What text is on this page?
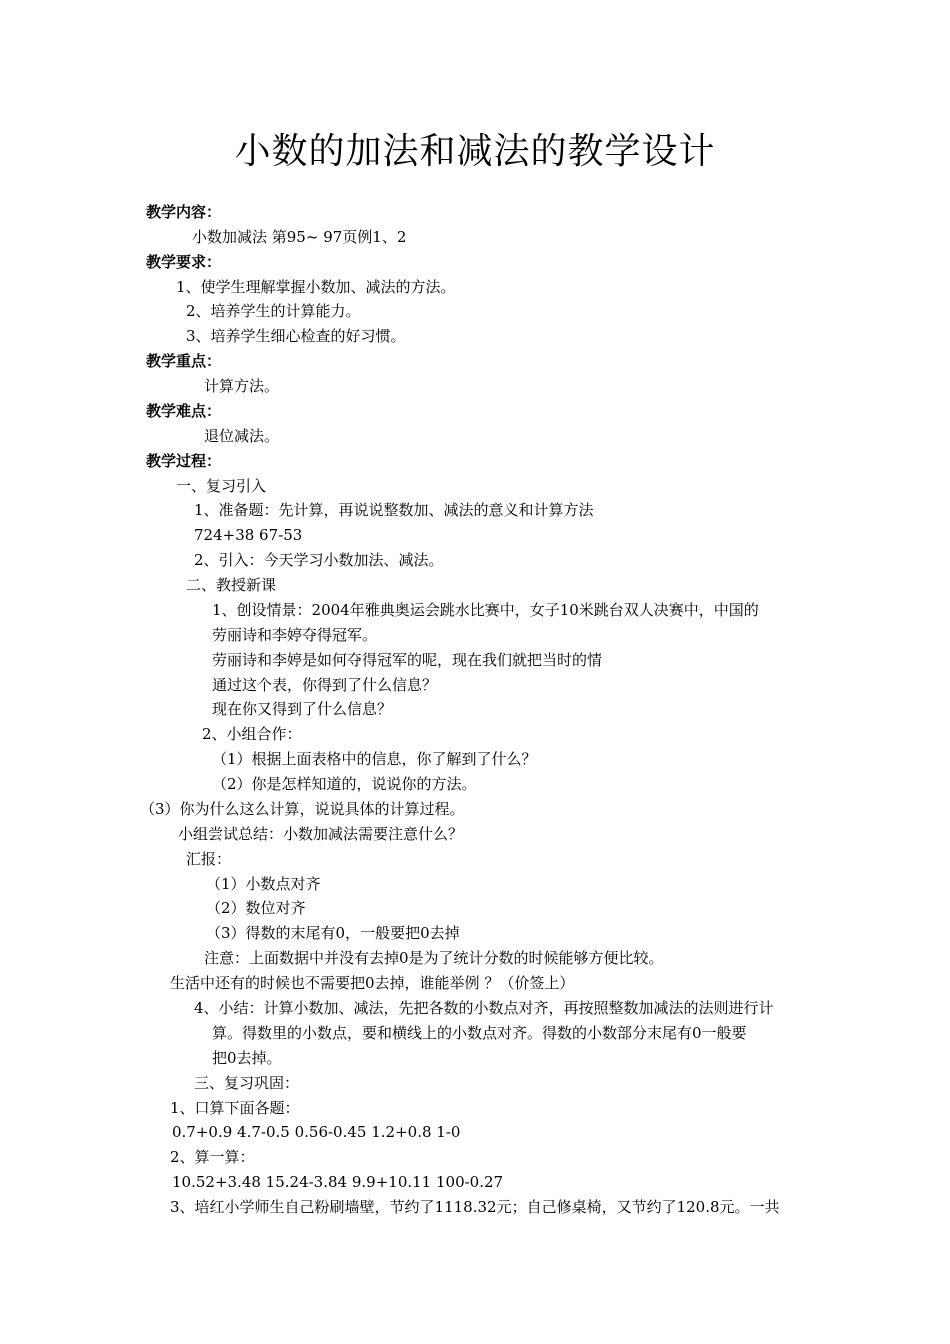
小数的加法和减法的教学设计
教学内容：
小数加减法 第95~ 97页例1、2
教学要求：
1、使学生理解掌握小数加、减法的方法。
2、培养学生的计算能力。
3、培养学生细心检查的好习惯。
教学重点：
计算方法。
教学难点：
退位减法。
教学过程：
一、复习引入
1、准备题：先计算，再说说整数加、减法的意义和计算方法
724+38 67-53
2、引入：今天学习小数加法、减法。
二、教授新课
1、创设情景：2004年雅典奥运会跳水比赛中，女子10米跳台双人决赛中，中国的
劳丽诗和李婷夺得冠军。
劳丽诗和李婷是如何夺得冠军的呢，现在我们就把当时的情
通过这个表，你得到了什么信息？
现在你又得到了什么信息？
2、小组合作：
（1）根据上面表格中的信息，你了解到了什么？
（2）你是怎样知道的，说说你的方法。
（3）你为什么这么计算，说说具体的计算过程。
小组尝试总结：小数加减法需要注意什么？
汇报：
（1）小数点对齐
（2）数位对齐
（3）得数的末尾有0，一般要把0去掉
注意：上面数据中并没有去掉0是为了统计分数的时候能够方便比较。
生活中还有的时候也不需要把0去掉，谁能举例 ？（价签上）
4、小结：计算小数加、减法，先把各数的小数点对齐，再按照整数加减法的法则进行计
算。得数里的小数点，要和横线上的小数点对齐。得数的小数部分末尾有0一般要
把0去掉。
三、复习巩固：
1、口算下面各题：
0.7+0.9 4.7-0.5 0.56-0.45 1.2+0.8 1-0
2、算一算：
10.52+3.48 15.24-3.84 9.9+10.11 100-0.27
3、培红小学师生自己粉刷墙壁，节约了1118.32元；自己修桌椅，又节约了120.8元。一共
